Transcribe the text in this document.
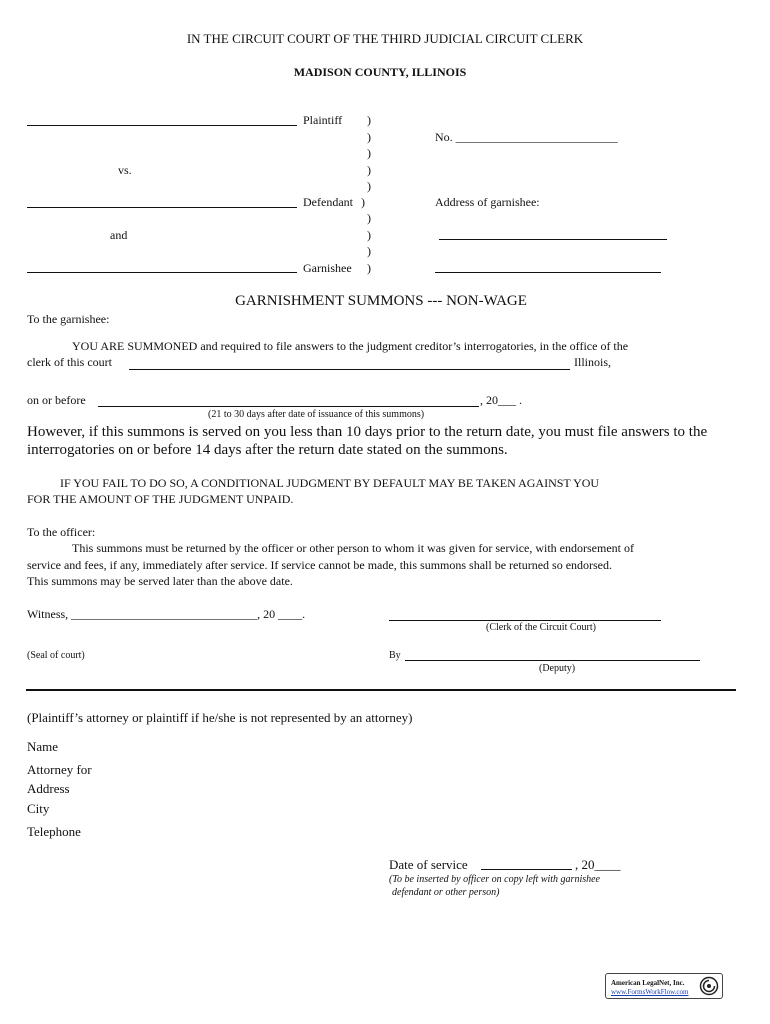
IN THE CIRCUIT COURT OF THE THIRD JUDICIAL CIRCUIT CLERK
MADISON COUNTY, ILLINOIS
Plaintiff )
)
)
)
)
)
)
)
)
)
No. ___________________________
vs.
Defendant	Address of garnishee:
and
Garnishee
GARNISHMENT SUMMONS --- NON-WAGE
To the garnishee:
YOU ARE SUMMONED and required to file answers to the judgment creditor’s interrogatories, in the office of the
clerk of this court	Illinois,
on or before	, 20___ .
(21 to 30 days after date of issuance of this summons)
However, if this summons is served on you less than 10 days prior to the return date, you must file answers to the
interrogatories on or before 14 days after the return date stated on the summons.
IF YOU FAIL TO DO SO, A CONDITIONAL JUDGMENT BY DEFAULT MAY BE TAKEN AGAINST YOU
FOR THE AMOUNT OF THE JUDGMENT UNPAID.
To the officer:
This summons must be returned by the officer or other person to whom it was given for service, with endorsement of
service and fees, if any, immediately after service. If service cannot be made, this summons shall be returned so endorsed.
This summons may be served later than the above date.
Witness, _______________________________, 20 ____.
(Clerk of the Circuit Court)
(Seal of court)	By
(Deputy)
(Plaintiff’s attorney or plaintiff if he/she is not represented by an attorney)
Name
Attorney for
Address
City
Telephone
Date of service	, 20____
(To be inserted by officer on copy left with garnishee
defendant or other person)
American LegalNet, Inc.
www.FormsWorkFlow.com
